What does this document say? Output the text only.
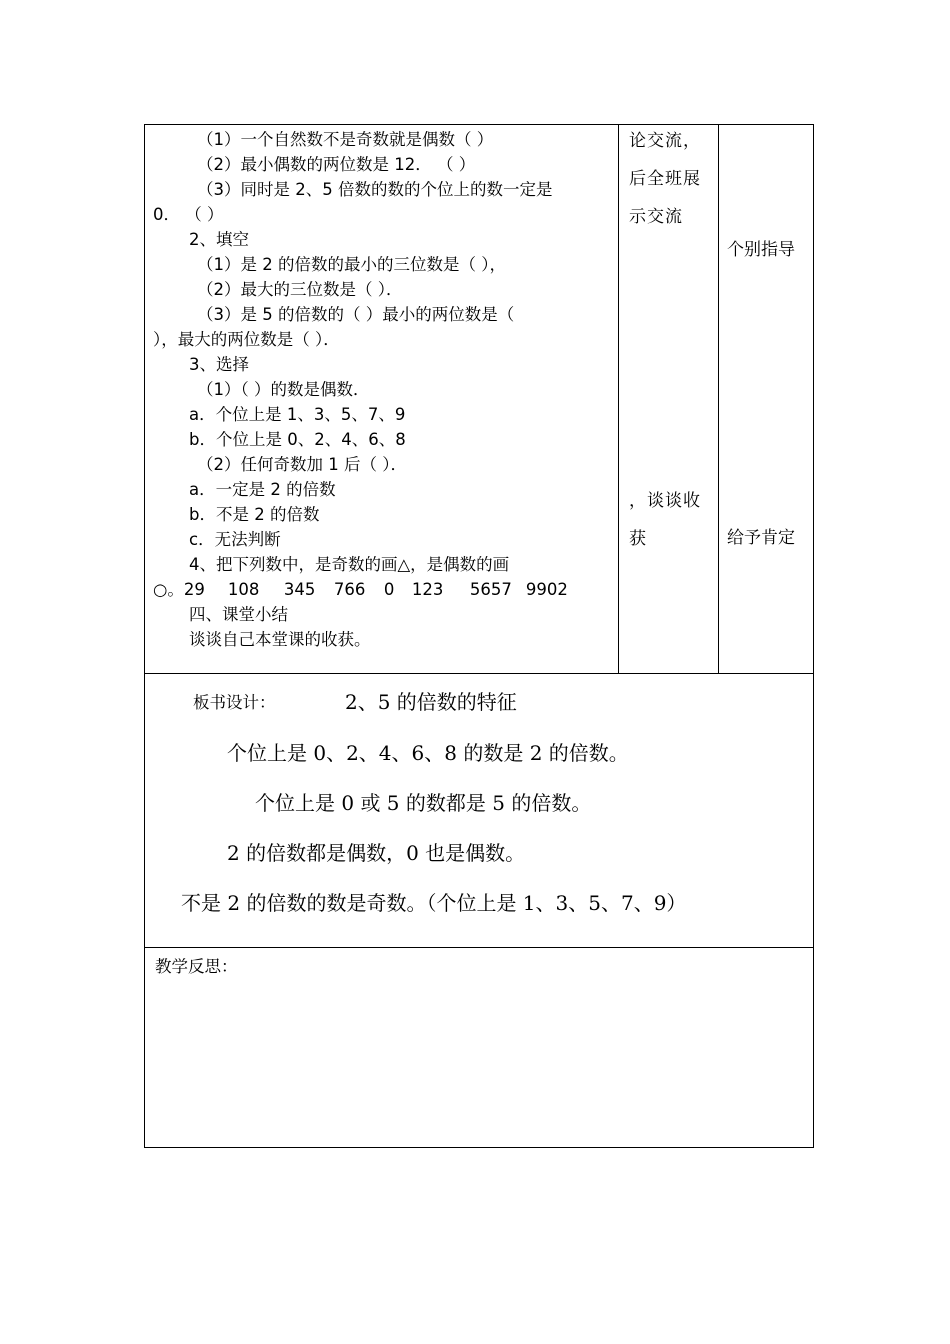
（1）一个自然数不是奇数就是偶数（ ）
（2）最小偶数的两位数是 12． （ ）
（3）同时是 2、5 倍数的数的个位上的数一定是
0． （ ）
2、填空
（1）是 2 的倍数的最小的三位数是（ ），
（2）最大的三位数是（ ）．
（3）是 5 的倍数的（ ）最小的两位数是（
），最大的两位数是（ ）．
3、选择
（1）（ ）的数是偶数．
a．个位上是 1、3、5、7、9
b．个位上是 0、2、4、6、8
（2）任何奇数加 1 后（ ）．
a．一定是 2 的倍数
b．不是 2 的倍数
c．无法判断
4、把下列数中，是奇数的画△，是偶数的画
○。29 108 345 766 0 123 5657 9902
四、课堂小结
谈谈自己本堂课的收获。
论交流，
后全班展
示交流
，谈谈收
获
个别指导
给予肯定
板书设计：	2、5 的倍数的特征
个位上是 0、2、4、6、8 的数是 2 的倍数。
个位上是 0 或 5 的数都是 5 的倍数。
2 的倍数都是偶数，0 也是偶数。
不是 2 的倍数的数是奇数。（个位上是 1、3、5、7、9）
教学反思：
